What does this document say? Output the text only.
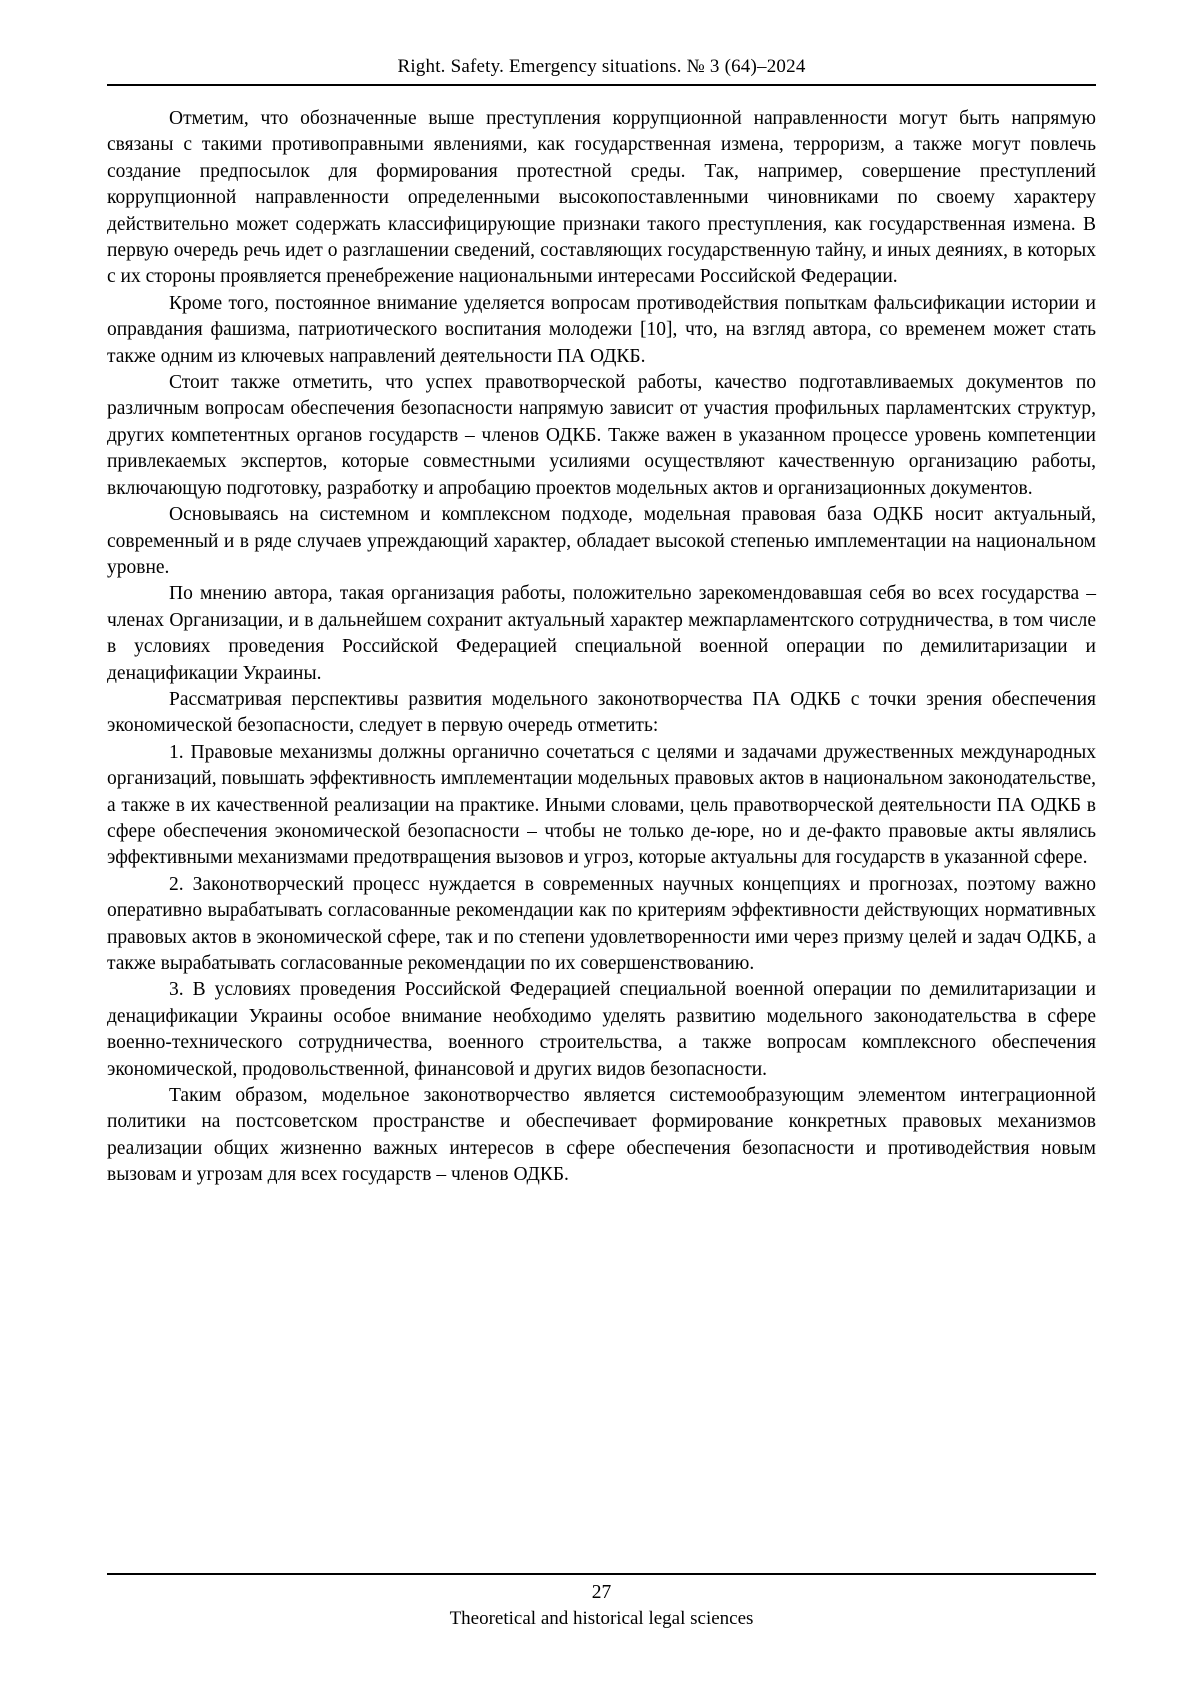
Right. Safety. Emergency situations. № 3 (64)–2024

Отметим, что обозначенные выше преступления коррупционной направленности могут быть напрямую связаны с такими противоправными явлениями, как государственная измена, терроризм, а также могут повлечь создание предпосылок для формирования протестной среды. Так, например, совершение преступлений коррупционной направленности определенными высокопоставленными чиновниками по своему характеру действительно может содержать классифицирующие признаки такого преступления, как государственная измена. В первую очередь речь идет о разглашении сведений, составляющих государственную тайну, и иных деяниях, в которых с их стороны проявляется пренебрежение национальными интересами Российской Федерации.

Кроме того, постоянное внимание уделяется вопросам противодействия попыткам фальсификации истории и оправдания фашизма, патриотического воспитания молодежи [10], что, на взгляд автора, со временем может стать также одним из ключевых направлений деятельности ПА ОДКБ.

Стоит также отметить, что успех правотворческой работы, качество подготавливаемых документов по различным вопросам обеспечения безопасности напрямую зависит от участия профильных парламентских структур, других компетентных органов государств – членов ОДКБ. Также важен в указанном процессе уровень компетенции привлекаемых экспертов, которые совместными усилиями осуществляют качественную организацию работы, включающую подготовку, разработку и апробацию проектов модельных актов и организационных документов.

Основываясь на системном и комплексном подходе, модельная правовая база ОДКБ носит актуальный, современный и в ряде случаев упреждающий характер, обладает высокой степенью имплементации на национальном уровне.

По мнению автора, такая организация работы, положительно зарекомендовавшая себя во всех государства – членах Организации, и в дальнейшем сохранит актуальный характер межпарламентского сотрудничества, в том числе в условиях проведения Российской Федерацией специальной военной операции по демилитаризации и денацификации Украины.

Рассматривая перспективы развития модельного законотворчества ПА ОДКБ с точки зрения обеспечения экономической безопасности, следует в первую очередь отметить:

1. Правовые механизмы должны органично сочетаться с целями и задачами дружественных международных организаций, повышать эффективность имплементации модельных правовых актов в национальном законодательстве, а также в их качественной реализации на практике. Иными словами, цель правотворческой деятельности ПА ОДКБ в сфере обеспечения экономической безопасности – чтобы не только де-юре, но и де-факто правовые акты являлись эффективными механизмами предотвращения вызовов и угроз, которые актуальны для государств в указанной сфере.

2. Законотворческий процесс нуждается в современных научных концепциях и прогнозах, поэтому важно оперативно вырабатывать согласованные рекомендации как по критериям эффективности действующих нормативных правовых актов в экономической сфере, так и по степени удовлетворенности ими через призму целей и задач ОДКБ, а также вырабатывать согласованные рекомендации по их совершенствованию.

3. В условиях проведения Российской Федерацией специальной военной операции по демилитаризации и денацификации Украины особое внимание необходимо уделять развитию модельного законодательства в сфере военно-технического сотрудничества, военного строительства, а также вопросам комплексного обеспечения экономической, продовольственной, финансовой и других видов безопасности.

Таким образом, модельное законотворчество является системообразующим элементом интеграционной политики на постсоветском пространстве и обеспечивает формирование конкретных правовых механизмов реализации общих жизненно важных интересов в сфере обеспечения безопасности и противодействия новым вызовам и угрозам для всех государств – членов ОДКБ.

27
Theoretical and historical legal sciences
